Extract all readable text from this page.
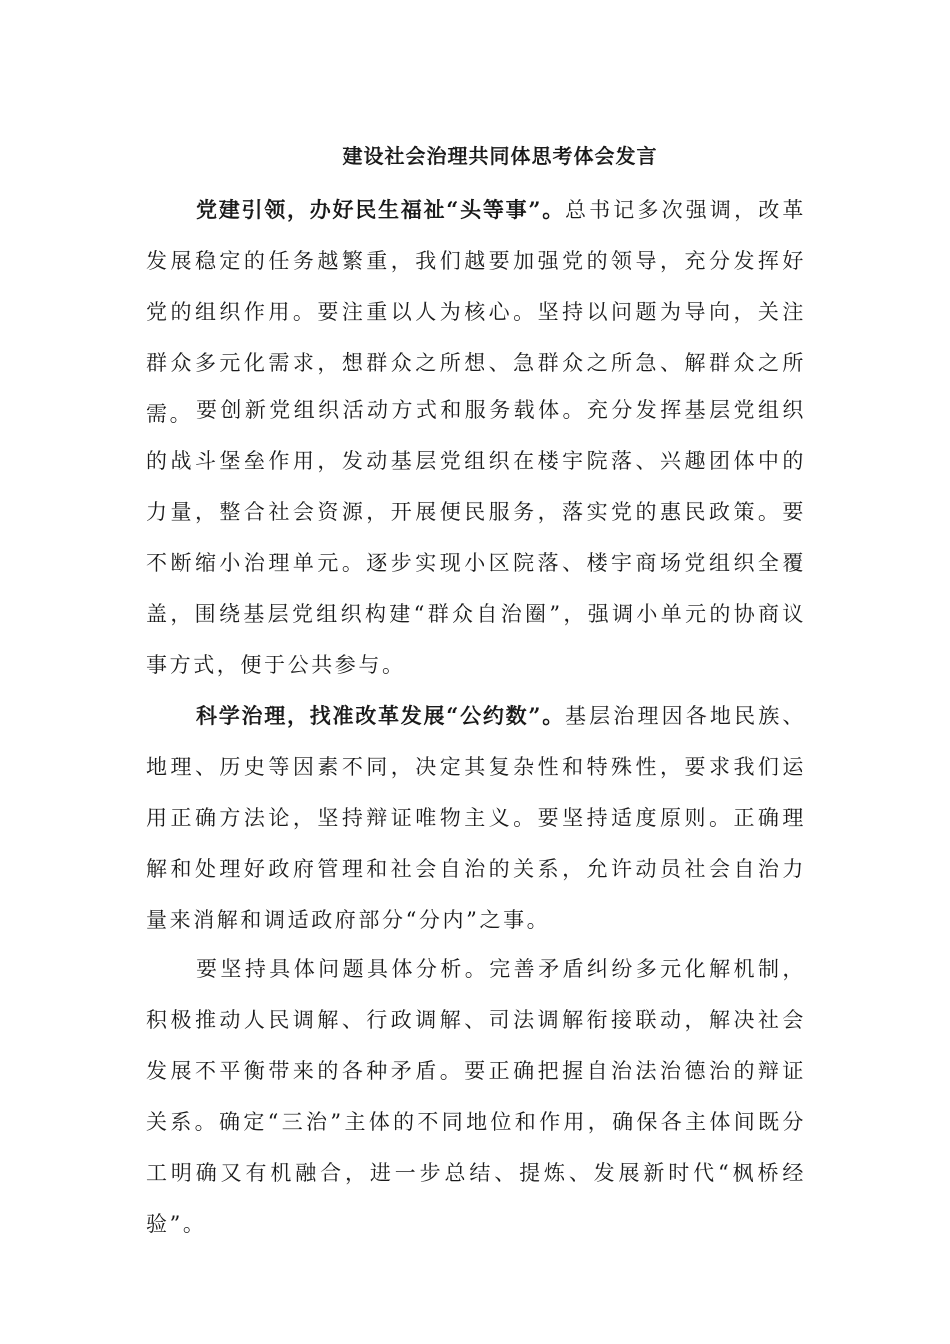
建设社会治理共同体思考体会发言

党建引领，办好民生福祉“头等事”。总书记多次强调，改革发展稳定的任务越繁重，我们越要加强党的领导，充分发挥好党的组织作用。要注重以人为核心。坚持以问题为导向，关注群众多元化需求，想群众之所想、急群众之所急、解群众之所需。 要创新党组织活动方式和服务载体。充分发挥基层党组织的战斗堡垒作用，发动基层党组织在楼宇院落、兴趣团体中的力量，整合社会资源，开展便民服务，落实党的惠民政策。要不断缩小治理单元。逐步实现小区院落、楼宇商场党组织全覆盖，围绕基层党组织构建“群众自治圈”，强调小单元的协商议事方式，便于公共参与。

科学治理，找准改革发展“公约数”。基层治理因各地民族、地理、历史等因素不同，决定其复杂性和特殊性，要求我们运用正确方法论，坚持辩证唯物主义。要坚持适度原则。正确理解和处理好政府管理和社会自治的关系，允许动员社会自治力量来消解和调适政府部分“分内”之事。

要坚持具体问题具体分析。完善矛盾纠纷多元化解机制，积极推动人民调解、行政调解、司法调解衔接联动，解决社会发展不平衡带来的各种矛盾。要正确把握自治法治德治的辩证关系。确定“三治”主体的不同地位和作用，确保各主体间既分工明确又有机融合，进一步总结、提炼、发展新时代“枫桥经验”。
